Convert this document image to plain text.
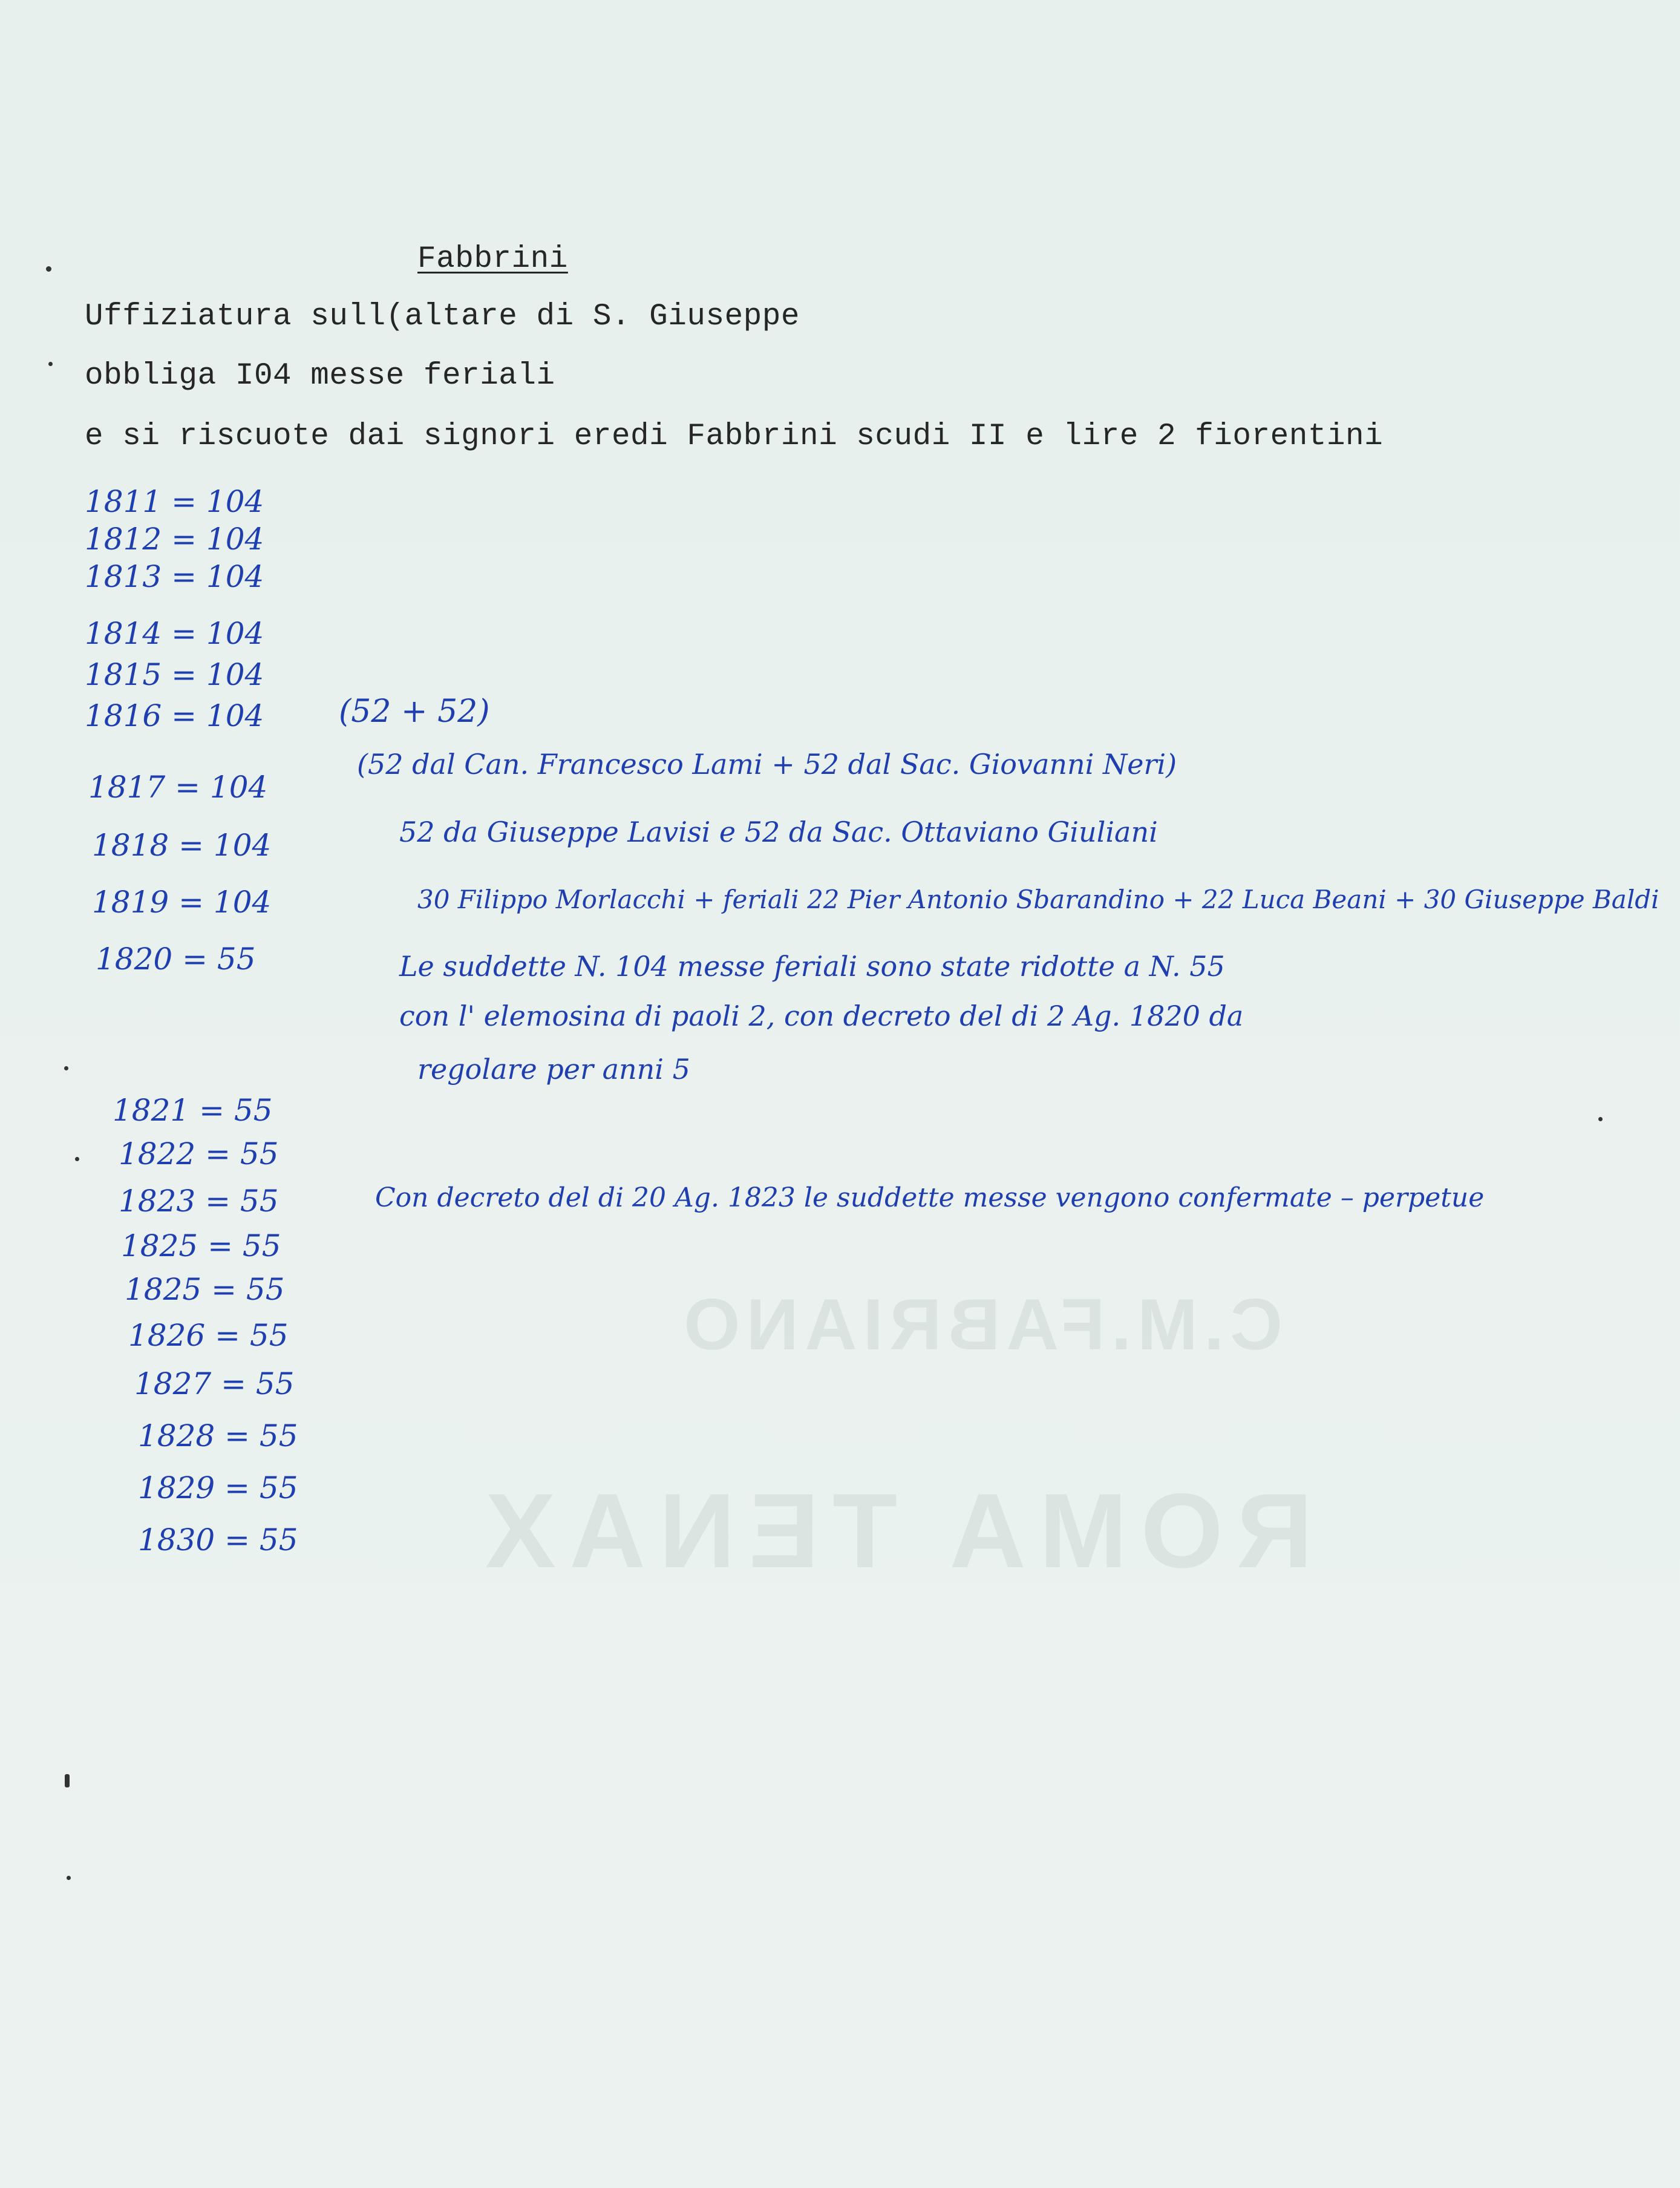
C.M.FABRIANO
ROMA TENAX

Fabbrini

Uffiziatura sull(altare di S. Giuseppe

obbliga I04 messe feriali

e si riscuote dai signori eredi Fabbrini scudi II e lire 2 fiorentini

1811 = 104

1812 = 104

1813 = 104

1814 = 104

1815 = 104

1816 = 104

1817 = 104

1818 = 104

1819 = 104

1820 = 55

1821 = 55

1822 = 55

1823 = 55

1825 = 55

1825 = 55

1826 = 55

1827 = 55

1828 = 55

1829 = 55

1830 = 55

(52 + 52)

(52 dal Can. Francesco Lami + 52 dal Sac. Giovanni Neri)

52 da Giuseppe Lavisi e 52 da Sac. Ottaviano Giuliani

30 Filippo Morlacchi + feriali 22 Pier Antonio Sbarandino + 22 Luca Beani + 30 Giuseppe Baldi

Le suddette N. 104 messe feriali sono state ridotte a N. 55

con l' elemosina di paoli 2, con decreto del di 2 Ag. 1820 da

regolare per anni 5

Con decreto del di 20 Ag. 1823 le suddette messe vengono confermate – perpetue
